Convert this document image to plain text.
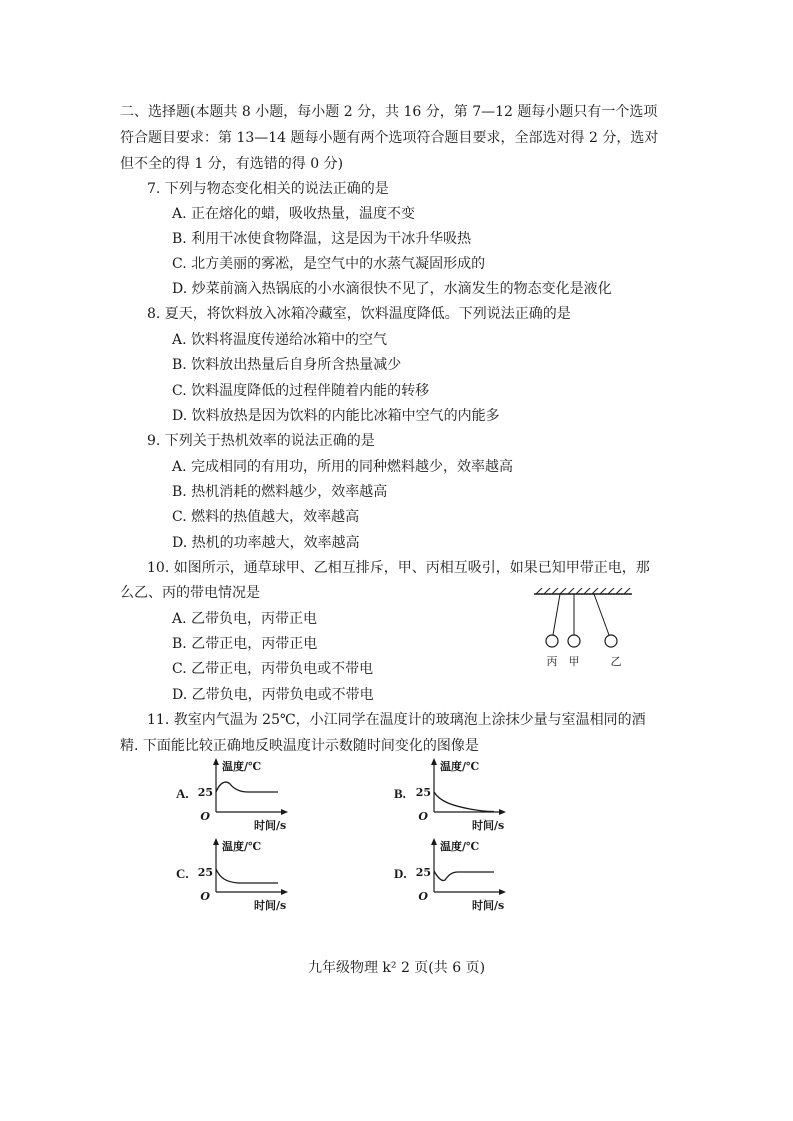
二、选择题(本题共 8 小题，每小题 2 分，共 16 分，第 7—12 题每小题只有一个选项
符合题目要求：第 13—14 题每小题有两个选项符合题目要求，全部选对得 2 分，选对
但不全的得 1 分，有选错的得 0 分)
7. 下列与物态变化相关的说法正确的是
A. 正在熔化的蜡，吸收热量，温度不变
B. 利用干冰使食物降温，这是因为干冰升华吸热
C. 北方美丽的雾凇，是空气中的水蒸气凝固形成的
D. 炒菜前滴入热锅底的小水滴很快不见了，水滴发生的物态变化是液化
8. 夏天，将饮料放入冰箱冷藏室，饮料温度降低。下列说法正确的是
A. 饮料将温度传递给冰箱中的空气
B. 饮料放出热量后自身所含热量减少
C. 饮料温度降低的过程伴随着内能的转移
D. 饮料放热是因为饮料的内能比冰箱中空气的内能多
9. 下列关于热机效率的说法正确的是
A. 完成相同的有用功，所用的同种燃料越少，效率越高
B. 热机消耗的燃料越少，效率越高
C. 燃料的热值越大，效率越高
D. 热机的功率越大，效率越高
10. 如图所示，通草球甲、乙相互排斥，甲、丙相互吸引，如果已知甲带正电，那
么乙、丙的带电情况是
A. 乙带负电，丙带正电
B. 乙带正电，丙带正电
C. 乙带正电，丙带负电或不带电
D. 乙带负电，丙带负电或不带电
丙 甲	乙
11. 教室内气温为 25℃，小江同学在温度计的玻璃泡上涂抹少量与室温相同的酒
精. 下面能比较正确地反映温度计示数随时间变化的图像是
A.
温度/℃
25
O
时间/s
B.
温度/℃
25
O
时间/s
C.
温度/℃
25
O
时间/s
D.
温度/℃
25
O
时间/s
九年级物理 k² 2 页(共 6 页)
